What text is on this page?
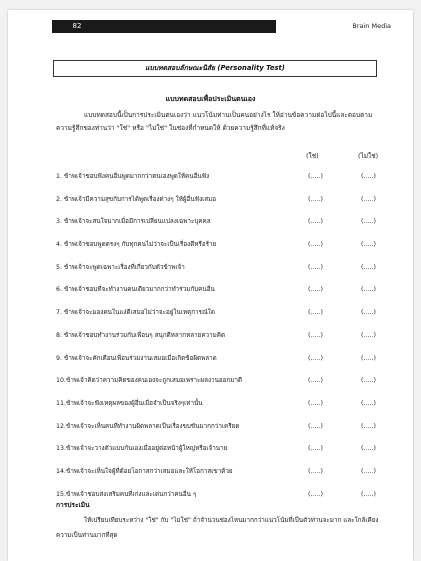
82	Brain Media
แบบทดสอบลักษณะนิสัย (Personality Test)
แบบทดสอบเพื่อประเมินตนเอง
แบบทดสอบนี้เป็นการประเมินตนเองว่า แนวโน้มท่านเป็นคนอย่างไร ให้อ่านข้อความต่อไปนี้และตอบตามความรู้สึกของท่านว่า "ใช่" หรือ "ไม่ใช่" ในช่องที่กำหนดให้ ด้วยความรู้สึกที่แท้จริง
(ใช่)	(ไม่ใช่)
1. ข้าพเจ้าชอบฟังคนอื่นพูดมากกว่าตนเองพูดให้คนอื่นฟัง	(.....)	(.....)
2. ข้าพเจ้ามีความสุขกับการได้พูดเรื่องต่างๆ ให้ผู้อื่นฟังเสมอ	(.....)	(.....)
3. ข้าพเจ้าจะสนใจมากเมื่อมีการเปลี่ยนแปลงเฉพาะบุคคล	(.....)	(.....)
4. ข้าพเจ้าชอบพูดตรงๆ กับทุกคนไม่ว่าจะเป็นเรื่องดีหรือร้าย	(.....)	(.....)
5. ข้าพเจ้าจะพูดเฉพาะเรื่องที่เกี่ยวกับตัวข้าพเจ้า	(.....)	(.....)
6. ข้าพเจ้าชอบที่จะทำงานคนเดียวมากกว่าทำร่วมกับคนอื่น	(.....)	(.....)
7. ข้าพเจ้าจะมองคนในแง่ดีเสมอไม่ว่าจะอยู่ในเหตุการณ์ใด	(.....)	(.....)
8. ข้าพเจ้าชอบทำงานร่วมกับเพื่อนๆ สนุกดีหลากหลายความคิด	(.....)	(.....)
9. ข้าพเจ้าจะคักเตือนเพื่อนร่วมงานเสมอเมื่อเกิดข้อผิดพลาด	(.....)	(.....)
10.ข้าพเจ้าคิดว่าความคิดของคนเองจะถูกเสมอเพราะผลงานออกมาดี	(.....)	(.....)
11.ข้าพเจ้าจะฟังเหตุผลของผู้อื่นเมื่อจำเป็นจริงๆเท่านั้น	(.....)	(.....)
12.ข้าพเจ้าจะเห็นคนที่ทำงานผิดพลาดเป็นเรื่องขบขันมากกว่าเครียด	(.....)	(.....)
13.ข้าพเจ้าจะวางตัวแบบกันเองเมื่ออยู่ต่อหน้าผู้ใหญ่หรือเจ้านาย	(.....)	(.....)
14.ข้าพเจ้าจะเห็นใจผู้ที่ด้อยโอกาสกว่าเสมอและให้โอกาสเขาด้วย	(.....)	(.....)
15.ข้าพเจ้าชอบส่งเสริมคนที่เก่งและเด่นกว่าคนอื่น ๆ	(.....)	(.....)
การประเมิน
ให้เปรียบเทียบระหว่าง "ใช่" กับ "ไม่ใช่" ถ้าจำนวนช่องไหนมากกว่าแนวโน้มที่เป็นตัวท่านจะมาก และใกล้เคียงความเป็นท่านมากที่สุด
